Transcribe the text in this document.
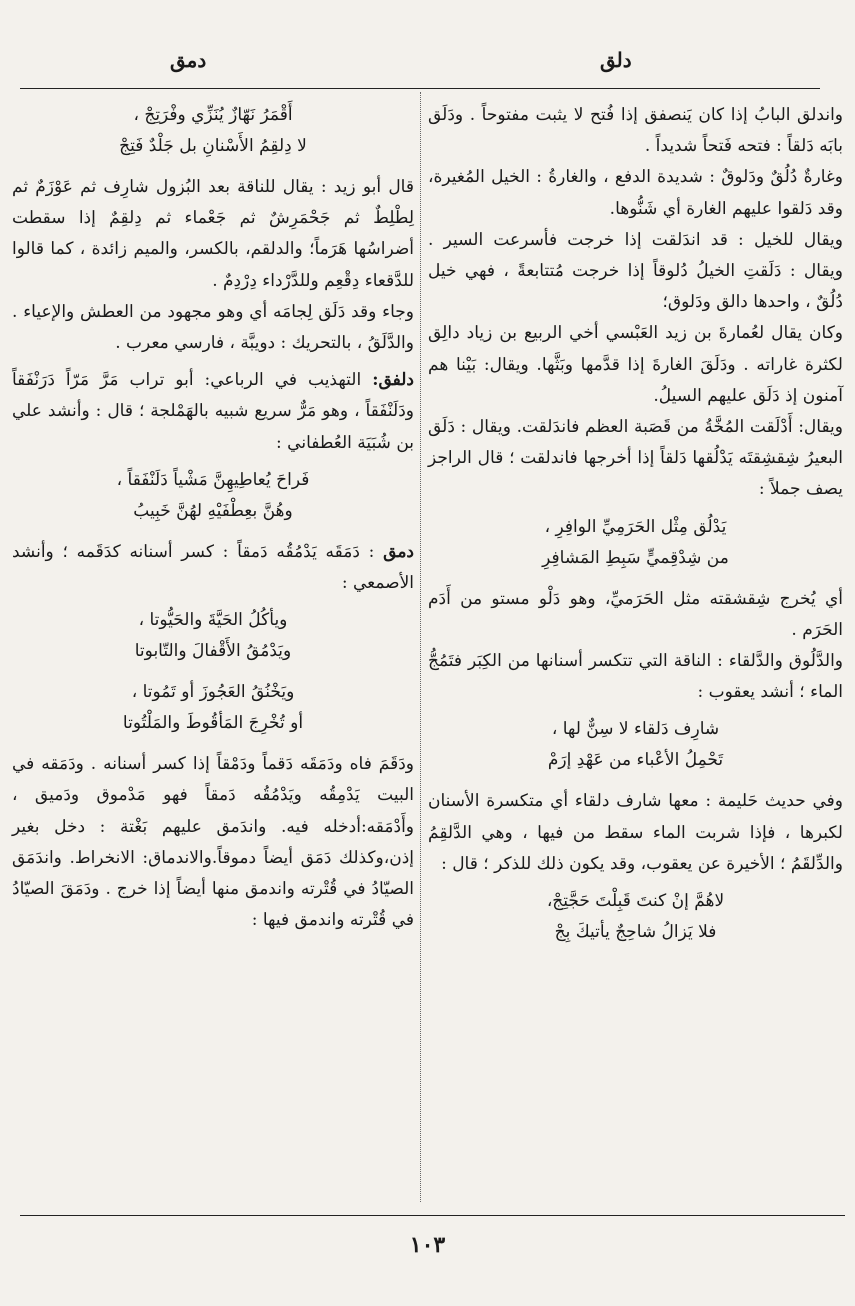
دمق	دلق

واندلق البابُ إذا كان يَنصفق إذا فُتح لا يثبت مفتوحاً . ودَلَق بابَه دَلقاً : فتحه فَتحاً شديداً .

وغارةٌ دُلُقٌ ودَلوقٌ : شديدة الدفع ، والغارةُ : الخيل المُغيرة، وقد دَلقوا عليهم الغارة أي شَنُّوها.

ويقال للخيل : قد اندَلقت إذا خرجت فأسرعت السير . ويقال : دَلَقتِ الخيلُ دُلوقاً إذا خرجت مُتتابعةً ، فهي خيل دُلُقٌ ، واحدها دالق ودَلوق؛

وكان يقال لعُمارةَ بن زيد العَبْسي أخي الربيع بن زياد دالِق لكثرة غاراته . ودَلَقَ الغارةَ إذا قدَّمها وبَثَّها. ويقال: بَيْنا هم آمنون إذ دَلَق عليهم السيلُ.

ويقال: أَدْلَقت المُخَّةُ من قَصَبة العظم فاندَلقت. ويقال : دَلَق البعيرُ شِقشِقتَه يَدْلُقها دَلقاً إذا أخرجها فاندلقت ؛ قال الراجز يصف جملاً :

يَدْلُق مِثْل الحَرَمِيِّ الوافِرِ ،
من شِدْقِميٍّ سَبِطِ المَشافِرِ

أي يُخرج شِقشقته مثل الحَرَميِّ، وهو دَلْو مستو من أَدَم الحَرَم .

والدَّلُوق والدَّلقاء : الناقة التي تتكسر أسنانها من الكِبَر فتَمُجُّ الماء ؛ أنشد يعقوب :

شارِف دَلقاء لا سِنٌّ لها ،
تَحْمِلُ الأعْباء من عَهْدِ إرَمْ

وفي حديث حَليمة : معها شارف دلقاء أي متكسرة الأسنان لكبرها ، فإذا شربت الماء سقط من فيها ، وهي الدَّلقِمُ والدِّلقَمُ ؛ الأخيرة عن يعقوب، وقد يكون ذلك للذكر ؛ قال :

لاهُمَّ إنْ كنتَ قَبِلْتَ حَجَّتِجْ،
فلا يَزالُ شاحِجٌ يأتيكَ بِجْ
أَقْمَرُ نَهّازٌ يُنَزِّي وفْرَتِجْ ،
لا دِلقِمُ الأَسْنانِ بل جَلْدٌ فَتِجْ

قال أبو زيد : يقال للناقة بعد البُزول شارِف ثم عَوْزَمٌ ثم لِطْلِطٌ ثم جَحْمَرِشٌ ثم جَعْماء ثم دِلقِمٌ إذا سقطت أضراسُها هَرَماً؛ والدلقم، بالكسر، والميم زائدة ، كما قالوا للدَّقعاء دِقْعِم وللدَّرْداء دِرْدِمٌ .

وجاء وقد دَلَق لِجامَه أي وهو مجهود من العطش والإعياء . والدَّلَقُ ، بالتحريك : دويبَّة ، فارسي معرب .

دلفق: التهذيب في الرباعي: أبو تراب مَرَّ مَرّاً دَرَنْفَقاً ودَلَنْفَقاً ، وهو مَرٌّ سريع شبيه بالهَمْلجة ؛ قال : وأنشد علي بن شُبَيَة العُطفاني :

فَراحَ يُعاطِيهِنَّ مَشْياً دَلَنْفَقاً ،
وهُنَّ بعِطْفَيْهِ لهُنَّ خَبِيبُ

دمق : دَمَقَه يَدْمُقُه دَمقاً : كسر أسنانه كدَقَمه ؛ وأنشد الأصمعي :

ويأكُلُ الحَيَّةَ والحَيُّوتا ،
ويَدْمُقُ الأَقْفالَ والتّابوتا
ويَخْنُقُ العَجُوزَ أو تَمُوتا ،
أو تُخْرِجَ المَأقُوطَ والمَلْتُوتا

ودَقَمَ فاه ودَمَقَه دَقماً ودَمْقاً إذا كسر أسنانه . ودَمَقه في البيت يَدْمِقُه ويَدْمُقُه دَمقاً فهو مَدْموق ودَميق ، وأَدْمَقه:أدخله فيه. واندَمق عليهم بَغْتة : دخل بغير إذن،وكذلك دَمَق أيضاً دموقاً.والاندماق: الانخراط. واندَمَق الصيّادُ في قُتْرته واندمق منها أيضاً إذا خرج . ودَمَقَ الصيّادُ في قُتْرته واندمق فيها :

١٠٣
